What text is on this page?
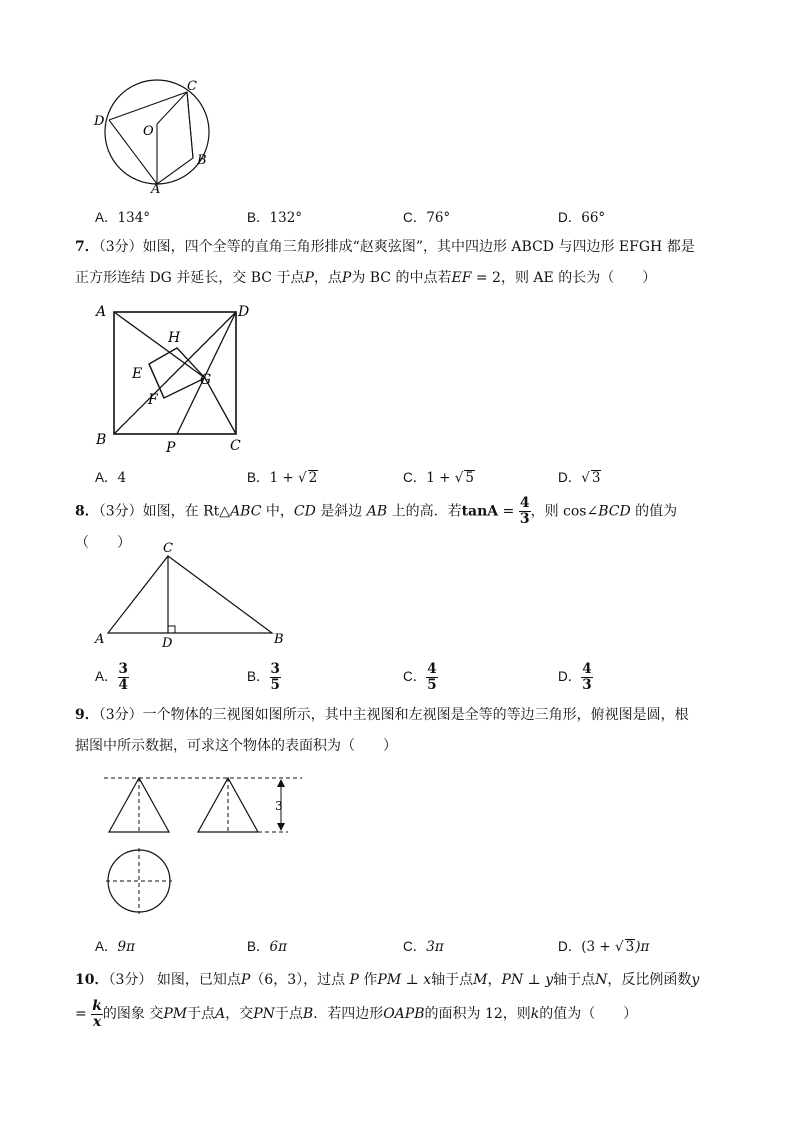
D
C
O
B
A
A．134°	B．132°	C．76°	D．66°
7．（3分）如图，四个全等的直角三角形排成“赵爽弦图”，其中四边形 ABCD 与四边形 EFGH 都是
正方形连结 DG 并延长，交 BC 于点P，点P为 BC 的中点若EF = 2，则 AE 的长为（　　）
A	D
H
E	G
F
B	P	C
A．4	B．1 + √ 2	C．1 + √ 5	D．√ 3
8．（3分）如图，在 Rt△ABC 中，CD 是斜边 AB 上的高．若$\tan A = \frac{4}{3}$ ，则 cos∠BCD 的值为（　　）	C
A	D	B
A． $\frac{3}{4}$	B． $\frac{3}{5}$	C． $\frac{4}{5}$	D． $\frac{4}{3}$
9．（3分）一个物体的三视图如图所示，其中主视图和左视图是全等的等边三角形，俯视图是圆，根
据图中所示数据，可求这个物体的表面积为（　　）
3
A．9π	B．6π	C．3π	D．(3 + √ 3)π
10．（3分） 如图，已知点P（6，3），过点 P 作PM ⊥ x轴于点M，PN ⊥ y轴于点N，反比例函数y
= $\frac{k}{x}$ 的图象 交PM于点A，交PN于点B．若四边形OAPB的面积为 12，则k的值为（　　）
